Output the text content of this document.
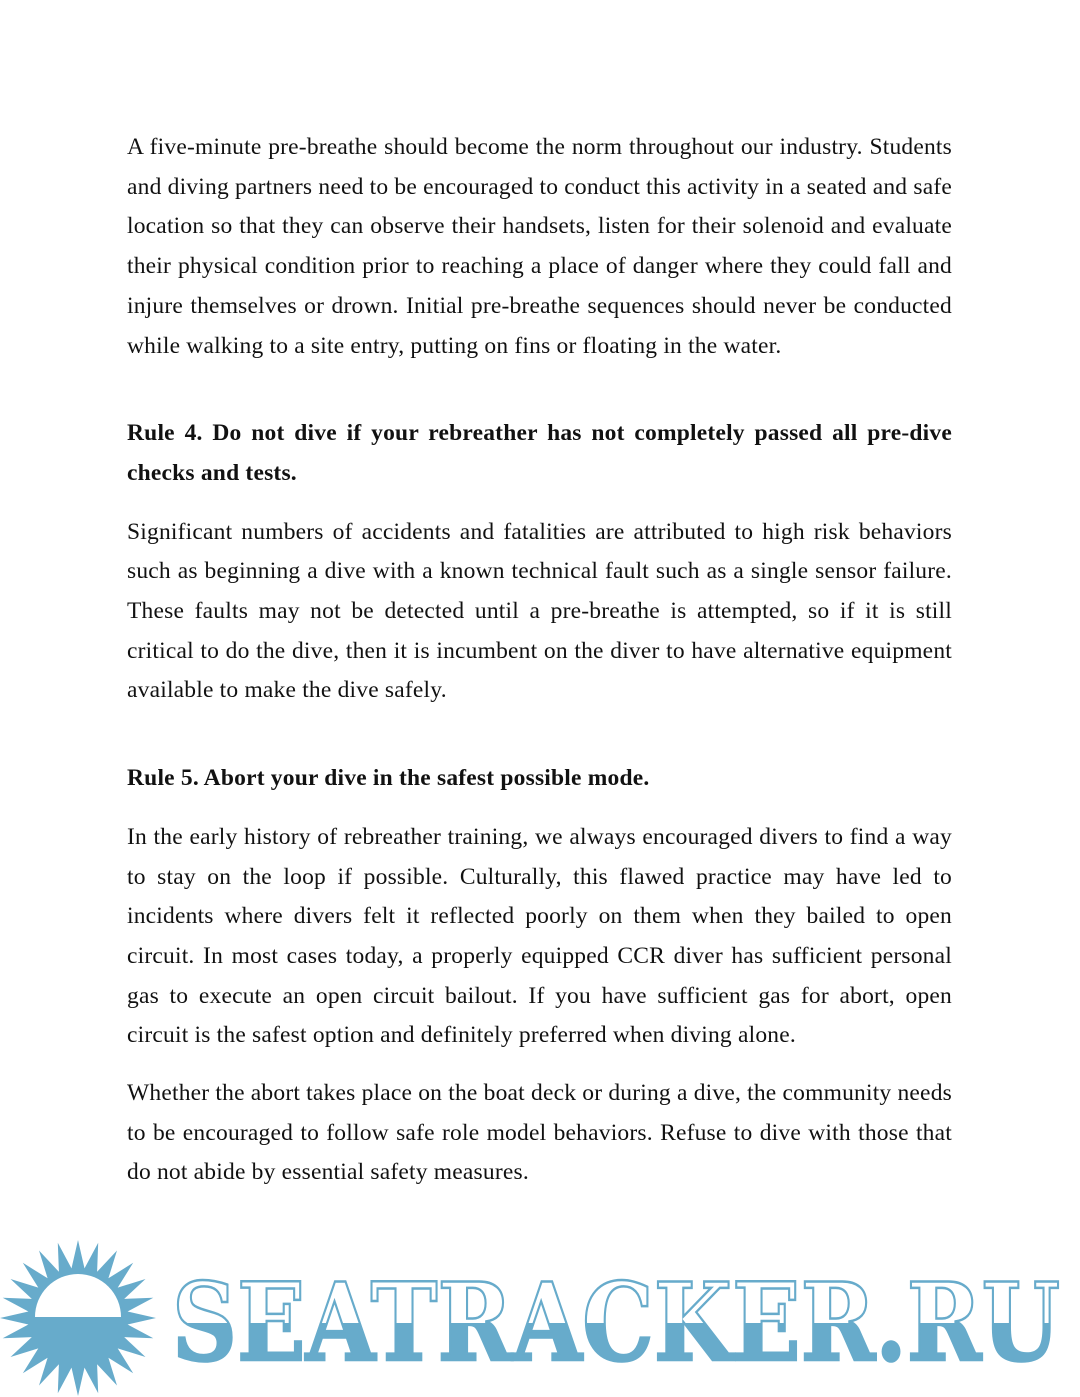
A five-minute pre-breathe should become the norm throughout our industry. Students and diving partners need to be encouraged to conduct this activity in a seated and safe location so that they can observe their handsets, listen for their solenoid and evaluate their physical condition prior to reaching a place of danger where they could fall and injure themselves or drown. Initial pre-breathe sequences should never be conducted while walking to a site entry, putting on fins or floating in the water.

Rule 4. Do not dive if your rebreather has not completely passed all pre-dive checks and tests.

Significant numbers of accidents and fatalities are attributed to high risk behaviors such as beginning a dive with a known technical fault such as a single sensor failure. These faults may not be detected until a pre-breathe is attempted, so if it is still critical to do the dive, then it is incumbent on the diver to have alternative equipment available to make the dive safely.

Rule 5. Abort your dive in the safest possible mode.

In the early history of rebreather training, we always encouraged divers to find a way to stay on the loop if possible. Culturally, this flawed practice may have led to incidents where divers felt it reflected poorly on them when they bailed to open circuit. In most cases today, a properly equipped CCR diver has sufficient personal gas to execute an open circuit bailout. If you have sufficient gas for abort, open circuit is the safest option and definitely preferred when diving alone.

Whether the abort takes place on the boat deck or during a dive, the community needs to be encouraged to follow safe role model behaviors. Refuse to dive with those that do not abide by essential safety measures.

SEATRACKER.RU
